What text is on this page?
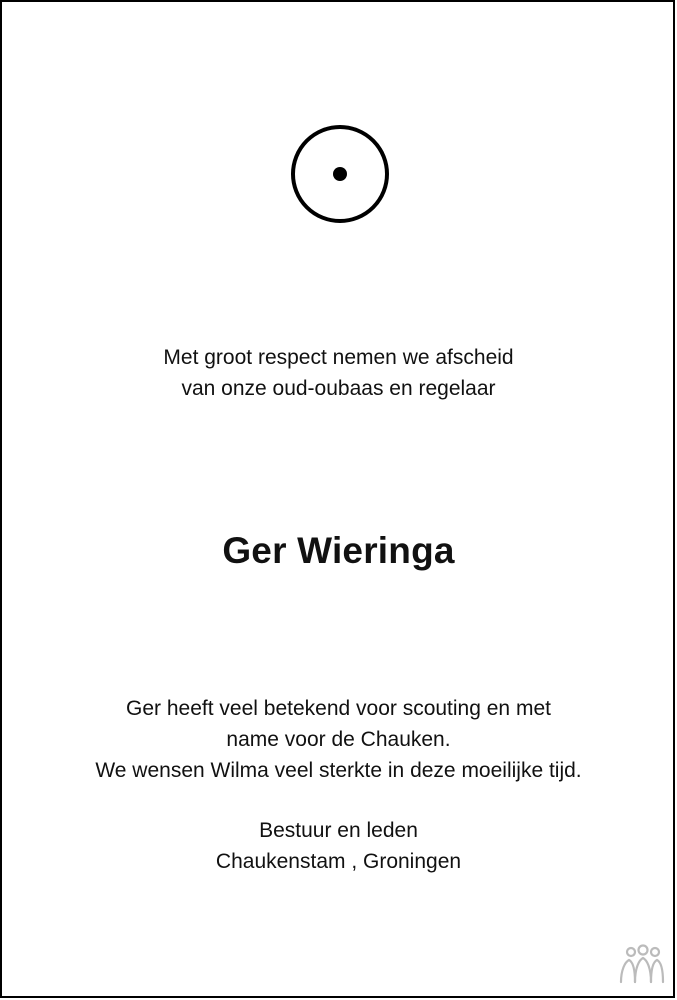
Met groot respect nemen we afscheid
van onze oud-oubaas en regelaar
Ger Wieringa
Ger heeft veel betekend voor scouting en met
name voor de Chauken.
We wensen Wilma veel sterkte in deze moeilijke tijd.
Bestuur en leden
Chaukenstam , Groningen
